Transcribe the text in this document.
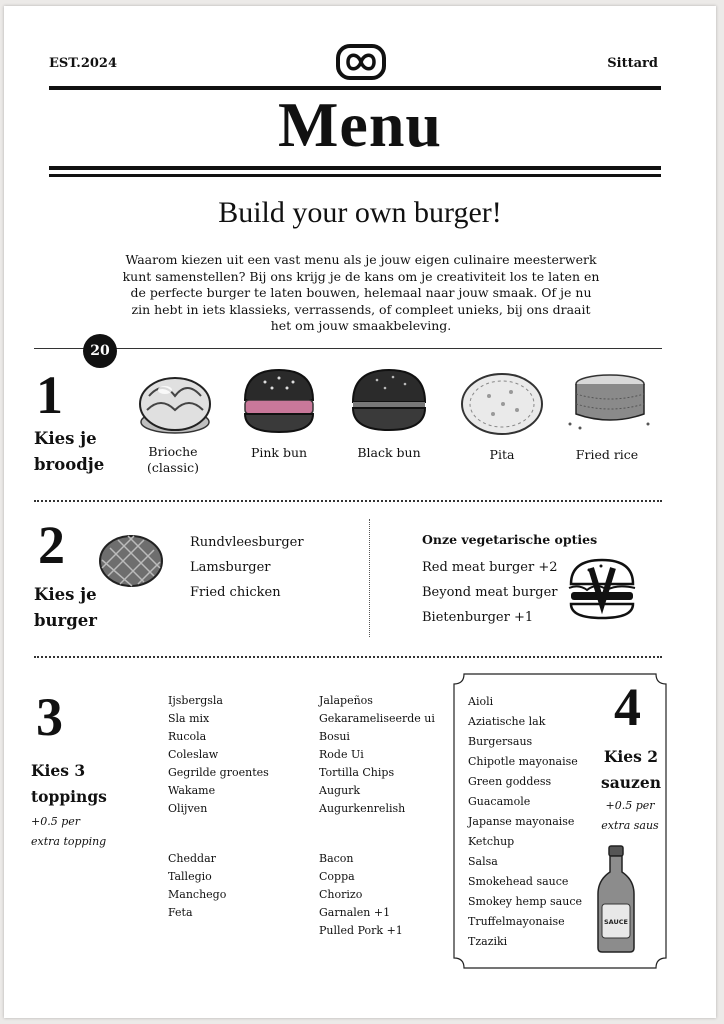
EST.2024	Sittard
Menu
Build your own burger!
Waarom kiezen uit een vast menu als je jouw eigen culinaire meesterwerk kunt samenstellen? Bij ons krijg je de kans om je creativiteit los te laten en de perfecte burger te laten bouwen, helemaal naar jouw smaak. Of je nu zin hebt in iets klassieks, verrassends, of compleet unieks, bij ons draait het om jouw smaakbeleving.
20
1
Kies je
broodje
Brioche
(classic)
Pink bun	Black bun	Pita	Fried rice
2
Kies je
burger
Rundvleesburger
Lamsburger
Fried chicken
Onze vegetarische opties
Red meat burger +2
Beyond meat burger
Bietenburger +1
3
Kies 3
toppings
+0.5 per
extra topping
Ijsbergsla
Sla mix
Rucola
Coleslaw
Gegrilde groentes
Wakame
Olijven
Jalapeños
Gekarameliseerde ui
Bosui
Rode Ui
Tortilla Chips
Augurk
Augurkenrelish
Cheddar
Tallegio
Manchego
Feta
Bacon
Coppa
Chorizo
Garnalen +1
Pulled Pork +1
Aioli
Aziatische lak
Burgersaus
Chipotle mayonaise
Green goddess
Guacamole
Japanse mayonaise
Ketchup
Salsa
Smokehead sauce
Smokey hemp sauce
Truffelmayonaise
Tzaziki
4
Kies 2
sauzen
+0.5 per
extra saus
SAUCE
